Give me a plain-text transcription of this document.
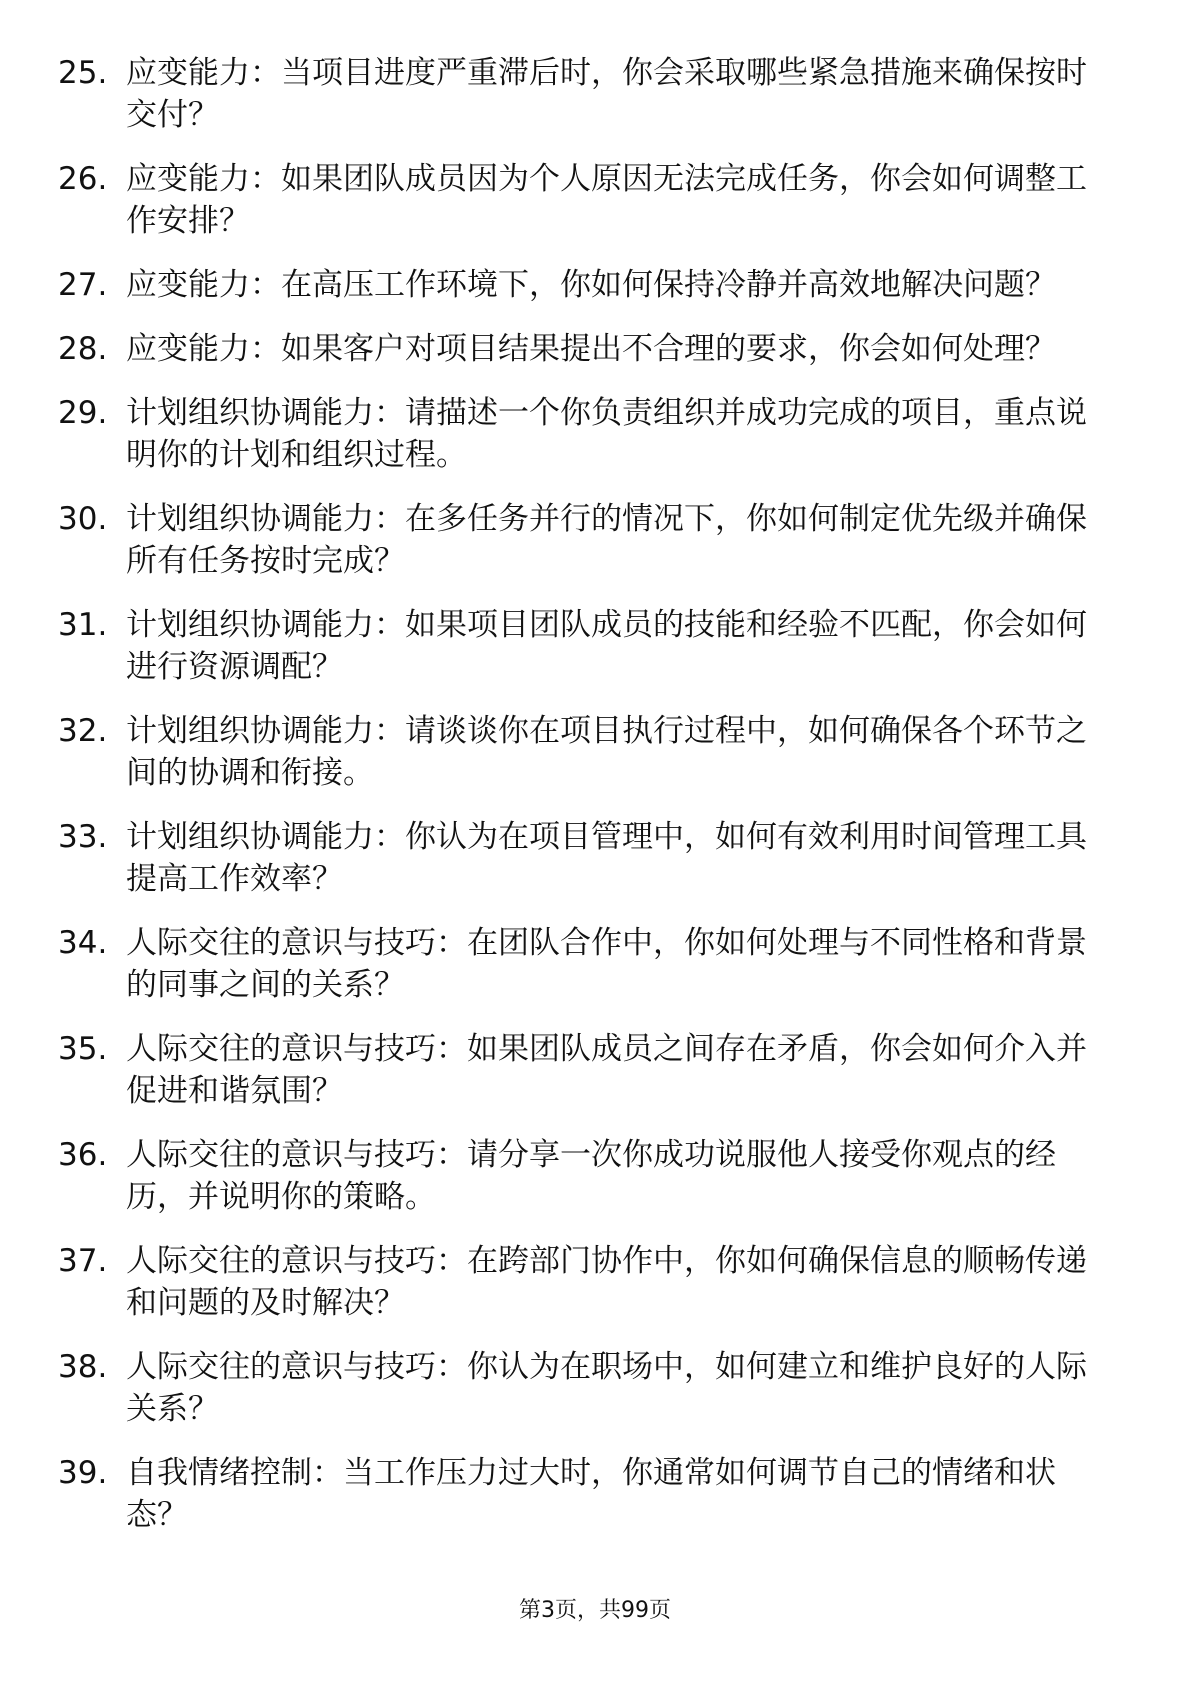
25. 应变能力：当项目进度严重滞后时，你会采取哪些紧急措施来确保按时交付？
26. 应变能力：如果团队成员因为个人原因无法完成任务，你会如何调整工作安排？
27. 应变能力：在高压工作环境下，你如何保持冷静并高效地解决问题？
28. 应变能力：如果客户对项目结果提出不合理的要求，你会如何处理？
29. 计划组织协调能力：请描述一个你负责组织并成功完成的项目，重点说明你的计划和组织过程。
30. 计划组织协调能力：在多任务并行的情况下，你如何制定优先级并确保所有任务按时完成？
31. 计划组织协调能力：如果项目团队成员的技能和经验不匹配，你会如何进行资源调配？
32. 计划组织协调能力：请谈谈你在项目执行过程中，如何确保各个环节之间的协调和衔接。
33. 计划组织协调能力：你认为在项目管理中，如何有效利用时间管理工具提高工作效率？
34. 人际交往的意识与技巧：在团队合作中，你如何处理与不同性格和背景的同事之间的关系？
35. 人际交往的意识与技巧：如果团队成员之间存在矛盾，你会如何介入并促进和谐氛围？
36. 人际交往的意识与技巧：请分享一次你成功说服他人接受你观点的经历，并说明你的策略。
37. 人际交往的意识与技巧：在跨部门协作中，你如何确保信息的顺畅传递和问题的及时解决？
38. 人际交往的意识与技巧：你认为在职场中，如何建立和维护良好的人际关系？
39. 自我情绪控制：当工作压力过大时，你通常如何调节自己的情绪和状态？
第3页，共99页
